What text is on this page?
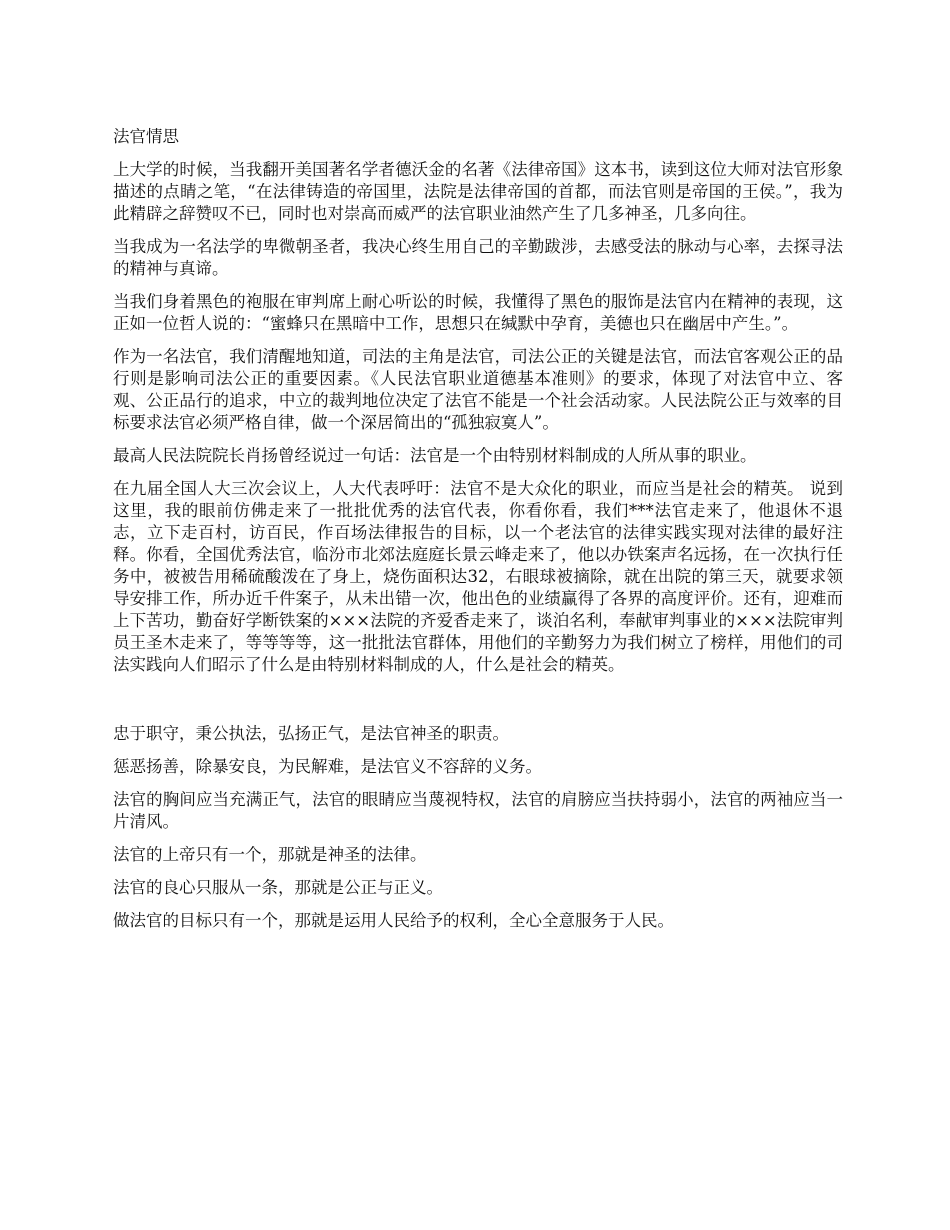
法官情思

上大学的时候，当我翻开美国著名学者德沃金的名著《法律帝国》这本书，读到这位大师对法官形象描述的点睛之笔，“在法律铸造的帝国里，法院是法律帝国的首都，而法官则是帝国的王侯。”，我为此精辟之辞赞叹不已，同时也对崇高而威严的法官职业油然产生了几多神圣，几多向往。

当我成为一名法学的卑微朝圣者，我决心终生用自己的辛勤跋涉，去感受法的脉动与心率，去探寻法的精神与真谛。

当我们身着黑色的袍服在审判席上耐心听讼的时候，我懂得了黑色的服饰是法官内在精神的表现，这正如一位哲人说的：“蜜蜂只在黑暗中工作，思想只在缄默中孕育，美德也只在幽居中产生。”。

作为一名法官，我们清醒地知道，司法的主角是法官，司法公正的关键是法官，而法官客观公正的品行则是影响司法公正的重要因素。《人民法官职业道德基本准则》的要求，体现了对法官中立、客观、公正品行的追求，中立的裁判地位决定了法官不能是一个社会活动家。人民法院公正与效率的目标要求法官必须严格自律，做一个深居简出的“孤独寂寞人”。

最高人民法院院长肖扬曾经说过一句话：法官是一个由特别材料制成的人所从事的职业。

在九届全国人大三次会议上，人大代表呼吁：法官不是大众化的职业，而应当是社会的精英。 说到这里，我的眼前仿佛走来了一批批优秀的法官代表，你看你看，我们***法官走来了，他退休不退志，立下走百村，访百民，作百场法律报告的目标，以一个老法官的法律实践实现对法律的最好注释。你看，全国优秀法官，临汾市北郊法庭庭长景云峰走来了，他以办铁案声名远扬，在一次执行任务中，被被告用稀硫酸泼在了身上，烧伤面积达32，右眼球被摘除，就在出院的第三天，就要求领导安排工作，所办近千件案子，从未出错一次，他出色的业绩赢得了各界的高度评价。还有，迎难而上下苦功，勤奋好学断铁案的×××法院的齐爱香走来了，谈泊名利，奉献审判事业的×××法院审判员王圣木走来了，等等等等，这一批批法官群体，用他们的辛勤努力为我们树立了榜样，用他们的司法实践向人们昭示了什么是由特别材料制成的人，什么是社会的精英。

忠于职守，秉公执法，弘扬正气，是法官神圣的职责。

惩恶扬善，除暴安良，为民解难，是法官义不容辞的义务。

法官的胸间应当充满正气，法官的眼睛应当蔑视特权，法官的肩膀应当扶持弱小，法官的两袖应当一片清风。

法官的上帝只有一个，那就是神圣的法律。

法官的良心只服从一条，那就是公正与正义。

做法官的目标只有一个，那就是运用人民给予的权利，全心全意服务于人民。
